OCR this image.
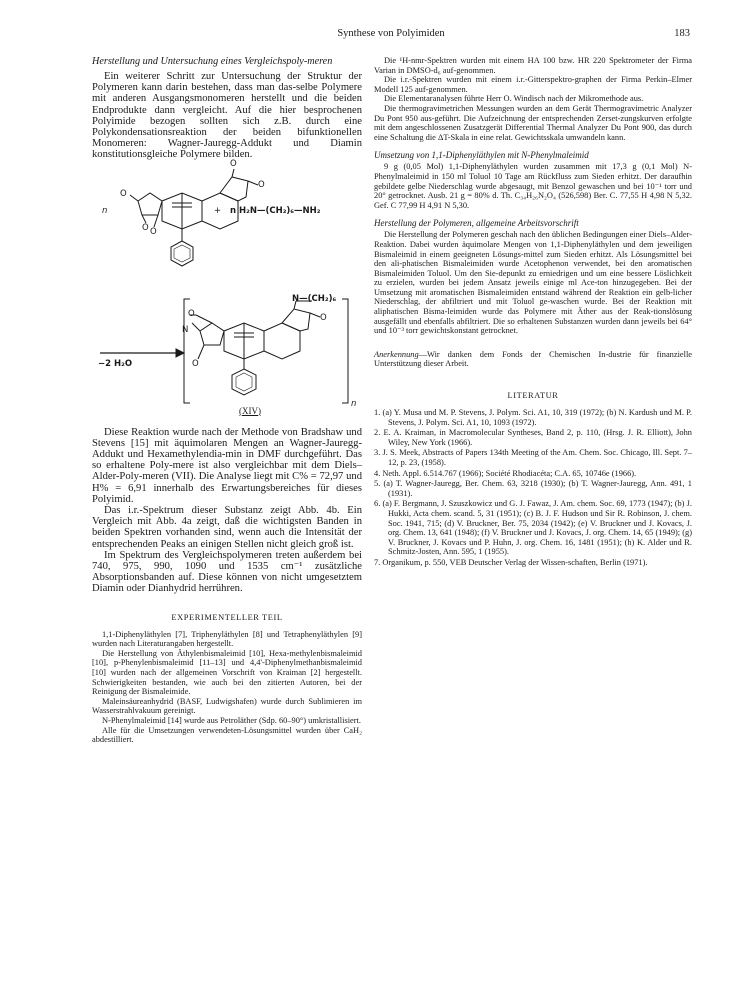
Synthese von Polyimiden	183
Herstellung und Untersuchung eines Vergleichspoly-meren

Ein weiterer Schritt zur Untersuchung der Struktur der Polymeren kann darin bestehen, dass man das-selbe Polymere mit anderen Ausgangsmonomeren herstellt und die beiden Endprodukte dann vergleicht. Auf die hier besprochenen Polyimide bezogen sollten sich z.B. durch eine Polykondensationsreaktion der beiden bifunktionellen Monomeren: Wagner-Jauregg-Addukt und Diamin konstitutionsgleiche Polymere bilden.

n
O
O O
O
O
+ n H₂N—(CH₂)₆—NH₂
−2 H₂O
O
N
O
O
N—(CH₂)₆
n
(XIV)

Diese Reaktion wurde nach der Methode von Bradshaw und Stevens [15] mit äquimolaren Mengen an Wagner-Jauregg-Addukt und Hexamethylendia-min in DMF durchgeführt. Das so erhaltene Poly-mere ist also vergleichbar mit dem Diels–Alder-Poly-meren (VII). Die Analyse liegt mit C% = 72,97 und H% = 6,91 innerhalb des Erwartungsbereiches für dieses Polyimid.

Das i.r.-Spektrum dieser Substanz zeigt Abb. 4b. Ein Vergleich mit Abb. 4a zeigt, daß die wichtigsten Banden in beiden Spektren vorhanden sind, wenn auch die Intensität der entsprechenden Peaks an einigen Stellen nicht gleich groß ist.

Im Spektrum des Vergleichspolymeren treten außerdem bei 740, 975, 990, 1090 und 1535 cm⁻¹ zusätzliche Absorptionsbanden auf. Diese können von nicht umgesetztem Diamin oder Dianhydrid herrühren.

EXPERIMENTELLER TEIL

1,1-Diphenyläthylen [7], Triphenyläthylen [8] und Tetraphenyläthylen [9] wurden nach Literaturangaben hergestellt.

Die Herstellung von Äthylenbismaleimid [10], Hexa-methylenbismaleimid [10], p-Phenylenbismaleimid [11–13] und 4,4'-Diphenylmethanbismaleimid [10] wurden nach der allgemeinen Vorschrift von Kraiman [2] hergestellt. Schwierigkeiten bestanden, wie auch bei den zitierten Autoren, bei der Reinigung der Bismaleimide.

Maleinsäureanhydrid (BASF, Ludwigshafen) wurde durch Sublimieren im Wasserstrahlvakuum gereinigt.

N-Phenylmaleimid [14] wurde aus Petroläther (Sdp. 60–90°) umkristallisiert.

Alle für die Umsetzungen verwendeten-Lösungsmittel wurden über CaH₂ abdestilliert.

Die ¹H-nmr-Spektren wurden mit einem HA 100 bzw. HR 220 Spektrometer der Firma Varian in DMSO-d₆ auf-genommen.

Die i.r.-Spektren wurden mit einem i.r.-Gitterspektro-graphen der Firma Perkin–Elmer Modell 125 auf-genommen.

Die Elementaranalysen führte Herr O. Windisch nach der Mikromethode aus.

Die thermogravimetrichen Messungen wurden an dem Gerät Thermogravimetric Analyzer Du Pont 950 aus-geführt. Die Aufzeichnung der entsprechenden Zerset-zungskurven erfolgte mit dem angeschlossenen Zusatzgerät Differential Thermal Analyzer Du Pont 900, das durch eine Schaltung die ΔT-Skala in eine relat. Gewichtsskala umwandeln kann.

Umsetzung von 1,1-Diphenyläthylen mit N-Phenylmaleimid

9 g (0,05 Mol) 1,1-Diphenyläthylen wurden zusammen mit 17,3 g (0,1 Mol) N-Phenylmaleimid in 150 ml Toluol 10 Tage am Rückfluss zum Sieden erhitzt. Der daraufhin gebildete gelbe Niederschlag wurde abgesaugt, mit Benzol gewaschen und bei 10⁻¹ torr und 20° getrocknet. Ausb. 21 g = 80% d. Th. C₃₄H₂₆N₂O₄ (526,598) Ber. C. 77,55 H 4,98 N 5,32. Gef. C 77,99 H 4,91 N 5,30.

Herstellung der Polymeren, allgemeine Arbeitsvorschrift

Die Herstellung der Polymeren geschah nach den üblichen Bedingungen einer Diels–Alder-Reaktion. Dabei wurden äquimolare Mengen von 1,1-Diphenyläthylen und dem jeweiligen Bismaleimid in einem geeigneten Lösungs-mittel zum Sieden erhitzt. Als Lösungsmittel bei den ali-phatischen Bismaleimiden wurde Acetophenon verwendet, bei den aromatischen Bismaleimiden Toluol. Um den Sie-depunkt zu erniedrigen und um eine bessere Löslichkeit zu erzielen, wurden bei jedem Ansatz jeweils einige ml Ace-ton hinzugegeben. Bei der Umsetzung mit aromatischen Bismaleimiden entstand während der Reaktion ein gelb-licher Niederschlag, der abfiltriert und mit Toluol ge-waschen wurde. Bei der Reaktion mit aliphatischen Bisma-leimiden wurde das Polymere mit Äther aus der Reak-tionslösung ausgefällt und ebenfalls abfiltriert. Die so erhaltenen Substanzen wurden dann jeweils bei 64° und 10⁻³ torr gewichtskonstant getrocknet.

Anerkennung—Wir danken dem Fonds der Chemischen In-dustrie für finanzielle Unterstützung dieser Arbeit.
LITERATUR
1. (a) Y. Musa und M. P. Stevens, J. Polym. Sci. A1, 10, 319 (1972); (b) N. Kardush und M. P. Stevens, J. Polym. Sci. A1, 10, 1093 (1972).
2. E. A. Kraiman, in Macromolecular Syntheses, Band 2, p. 110, (Hrsg. J. R. Elliott), John Wiley, New York (1966).
3. J. S. Meek, Abstracts of Papers 134th Meeting of the Am. Chem. Soc. Chicago, Ill. Sept. 7–12, p. 23, (1958).
4. Neth. Appl. 6.514.767 (1966); Société Rhodiacéta; C.A. 65, 10746e (1966).
5. (a) T. Wagner-Jauregg, Ber. Chem. 63, 3218 (1930); (b) T. Wagner-Jauregg, Ann. 491, 1 (1931).
6. (a) F. Bergmann, J. Szuszkowicz und G. J. Fawaz, J. Am. chem. Soc. 69, 1773 (1947); (b) J. Hukki, Acta chem. scand. 5, 31 (1951); (c) B. J. F. Hudson und Sir R. Robinson, J. chem. Soc. 1941, 715; (d) V. Bruckner, Ber. 75, 2034 (1942); (e) V. Bruckner und J. Kovacs, J. org. Chem. 13, 641 (1948); (f) V. Bruckner und J. Kovacs, J. org. Chem. 14, 65 (1949); (g) V. Bruckner, J. Kovacs und P. Huhn, J. org. Chem. 16, 1481 (1951); (h) K. Alder und R. Schmitz-Josten, Ann. 595, 1 (1955).
7. Organikum, p. 550, VEB Deutscher Verlag der Wissen-schaften, Berlin (1971).
